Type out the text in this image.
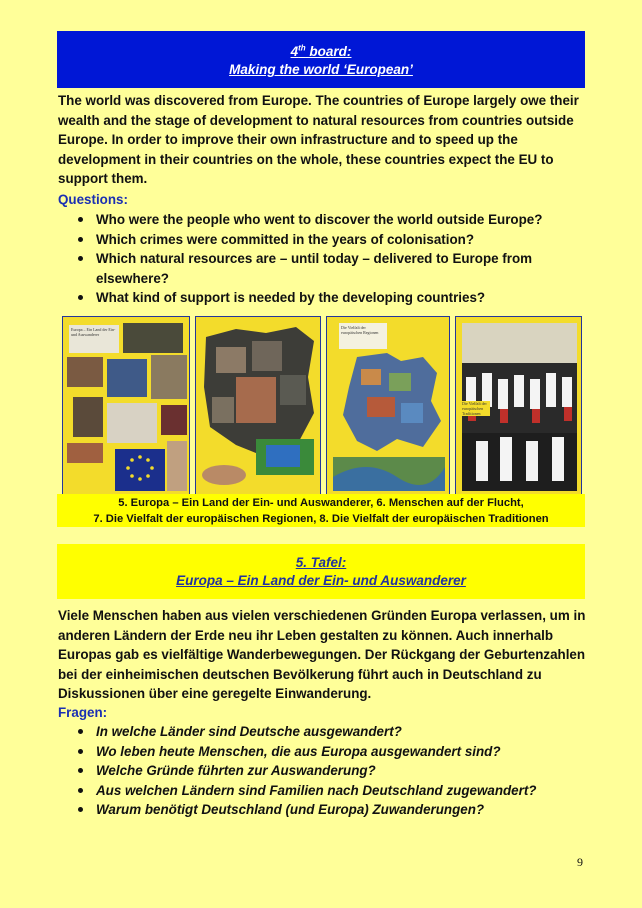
4th board:
Making the world ‘European’
The world was discovered from Europe. The countries of Europe largely owe their
wealth and the stage of development to natural resources from countries outside
Europe. In order to improve their own infrastructure and to speed up the
development in their countries on the whole, these countries expect the EU to
support them.
Questions:
Who were the people who went to discover the world outside Europe?
Which crimes were committed in the years of colonisation?
Which natural resources are – until today – delivered to Europe from elsewhere?
What kind of support is needed by the developing countries?
Europa – Ein Land der Ein- und Auswanderer
Die Vielfalt der europäischen Regionen
Die Vielfalt der europäischen Traditionen
5. Europa – Ein Land der Ein- und Auswanderer, 6. Menschen auf der Flucht,
7. Die Vielfalt der europäischen Regionen, 8. Die Vielfalt der europäischen Traditionen
5. Tafel:
Europa – Ein Land der Ein- und Auswanderer
Viele Menschen haben aus vielen verschiedenen Gründen Europa verlassen, um in
anderen Ländern der Erde neu ihr Leben gestalten zu können. Auch innerhalb
Europas gab es vielfältige Wanderbewegungen. Der Rückgang der Geburtenzahlen
bei der einheimischen deutschen Bevölkerung führt auch in Deutschland zu
Diskussionen über eine geregelte Einwanderung.
Fragen:
In welche Länder sind Deutsche ausgewandert?
Wo leben heute Menschen, die aus Europa ausgewandert sind?
Welche Gründe führten zur Auswanderung?
Aus welchen Ländern sind Familien nach Deutschland zugewandert?
Warum benötigt Deutschland (und Europa) Zuwanderungen?
9
